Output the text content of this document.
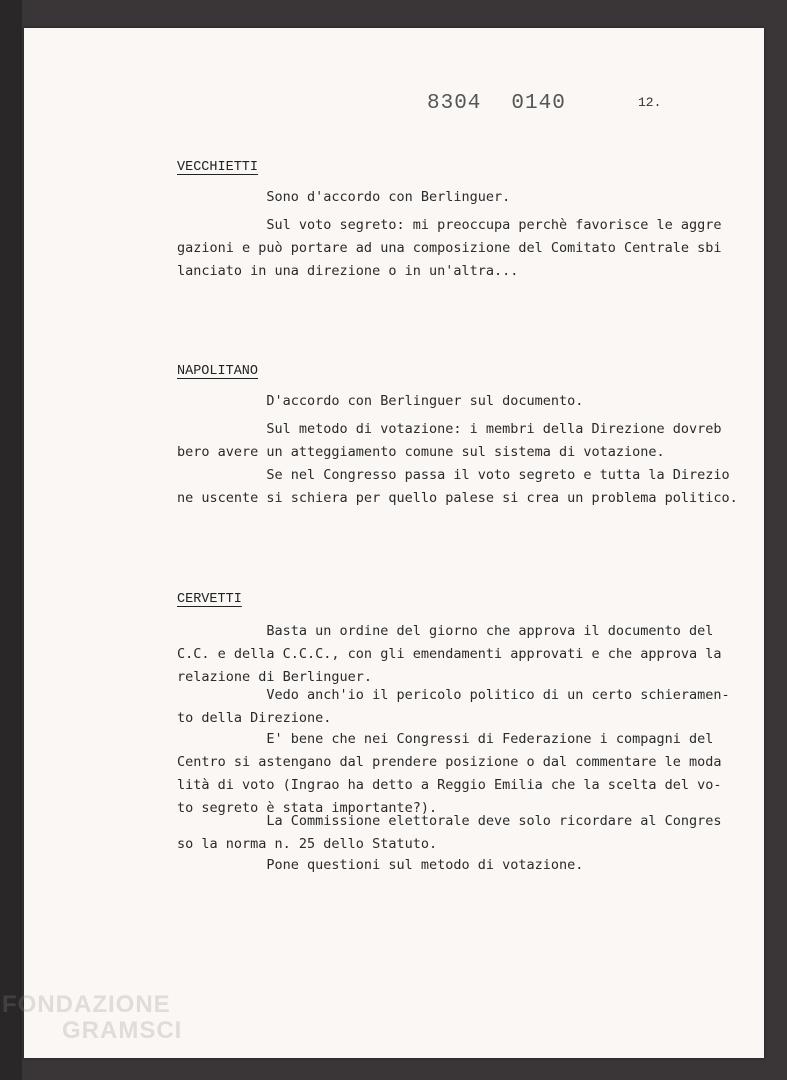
8304 0140	12.
VECCHIETTI
Sono d'accordo con Berlinguer.
Sul voto segreto: mi preoccupa perchè favorisce le aggre
gazioni e può portare ad una composizione del Comitato Centrale sbi
lanciato in una direzione o in un'altra...
NAPOLITANO
D'accordo con Berlinguer sul documento.
Sul metodo di votazione: i membri della Direzione dovreb
bero avere un atteggiamento comune sul sistema di votazione.
Se nel Congresso passa il voto segreto e tutta la Direzio
ne uscente si schiera per quello palese si crea un problema politico.
CERVETTI
Basta un ordine del giorno che approva il documento del
C.C. e della C.C.C., con gli emendamenti approvati e che approva la
relazione di Berlinguer.
Vedo anch'io il pericolo politico di un certo schieramen-
to della Direzione.
E' bene che nei Congressi di Federazione i compagni del
Centro si astengano dal prendere posizione o dal commentare le moda
lità di voto (Ingrao ha detto a Reggio Emilia che la scelta del vo-
to segreto è stata importante?).
La Commissione elettorale deve solo ricordare al Congres
so la norma n. 25 dello Statuto.
Pone questioni sul metodo di votazione.
FONDAZIONE
GRAMSCI
